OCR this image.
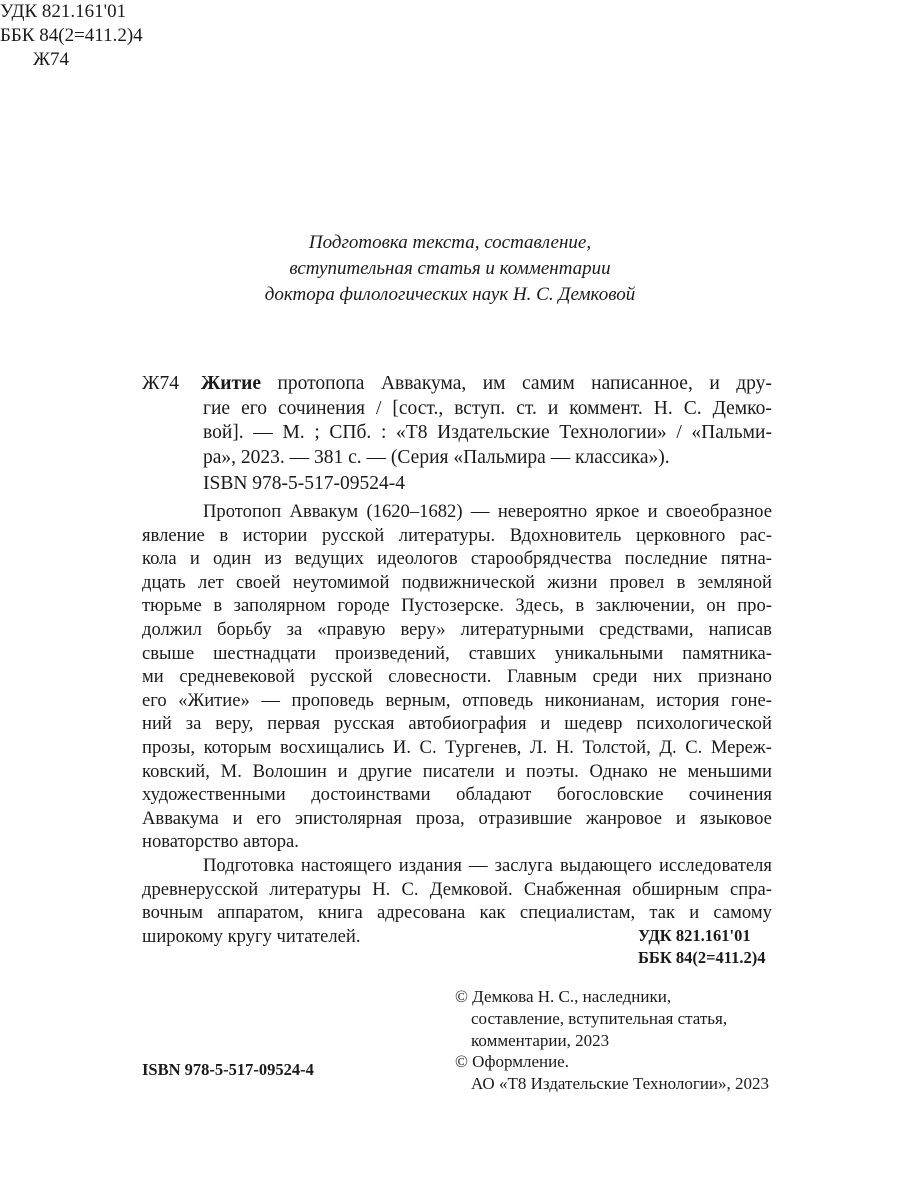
УДК 821.161'01
ББК 84(2=411.2)4
Ж74
Подготовка текста, составление,
вступительная статья и комментарии
доктора филологических наук Н. С. Демковой
Ж74 Житие протопопа Аввакума, им самим написанное, и дру-
гие его сочинения / [сост., вступ. ст. и коммент. Н. С. Демко-
вой]. — М. ; СПб. : «Т8 Издательские Технологии» / «Пальми-
ра», 2023. — 381 с. — (Серия «Пальмира — классика»).
ISBN 978-5-517-09524-4
Протопоп Аввакум (1620–1682) — невероятно яркое и своеобразное
явление в истории русской литературы. Вдохновитель церковного рас-
кола и один из ведущих идеологов старообрядчества последние пятна-
дцать лет своей неутомимой подвижнической жизни провел в земляной
тюрьме в заполярном городе Пустозерске. Здесь, в заключении, он про-
должил борьбу за «правую веру» литературными средствами, написав
свыше шестнадцати произведений, ставших уникальными памятника-
ми средневековой русской словесности. Главным среди них признано
его «Житие» — проповедь верным, отповедь никонианам, история гоне-
ний за веру, первая русская автобиография и шедевр психологической
прозы, которым восхищались И. С. Тургенев, Л. Н. Толстой, Д. С. Мереж-
ковский, М. Волошин и другие писатели и поэты. Однако не меньшими
художественными достоинствами обладают богословские сочинения
Аввакума и его эпистолярная проза, отразившие жанровое и языковое
новаторство автора.
Подготовка настоящего издания — заслуга выдающего исследователя
древнерусской литературы Н. С. Демковой. Снабженная обширным спра-
вочным аппаратом, книга адресована как специалистам, так и самому
широкому кругу читателей.	УДК 821.161'01
ББК 84(2=411.2)4
© Демкова Н. С., наследники,
составление, вступительная статья,
комментарии, 2023
© Оформление.
АО «Т8 Издательские Технологии», 2023
ISBN 978-5-517-09524-4
